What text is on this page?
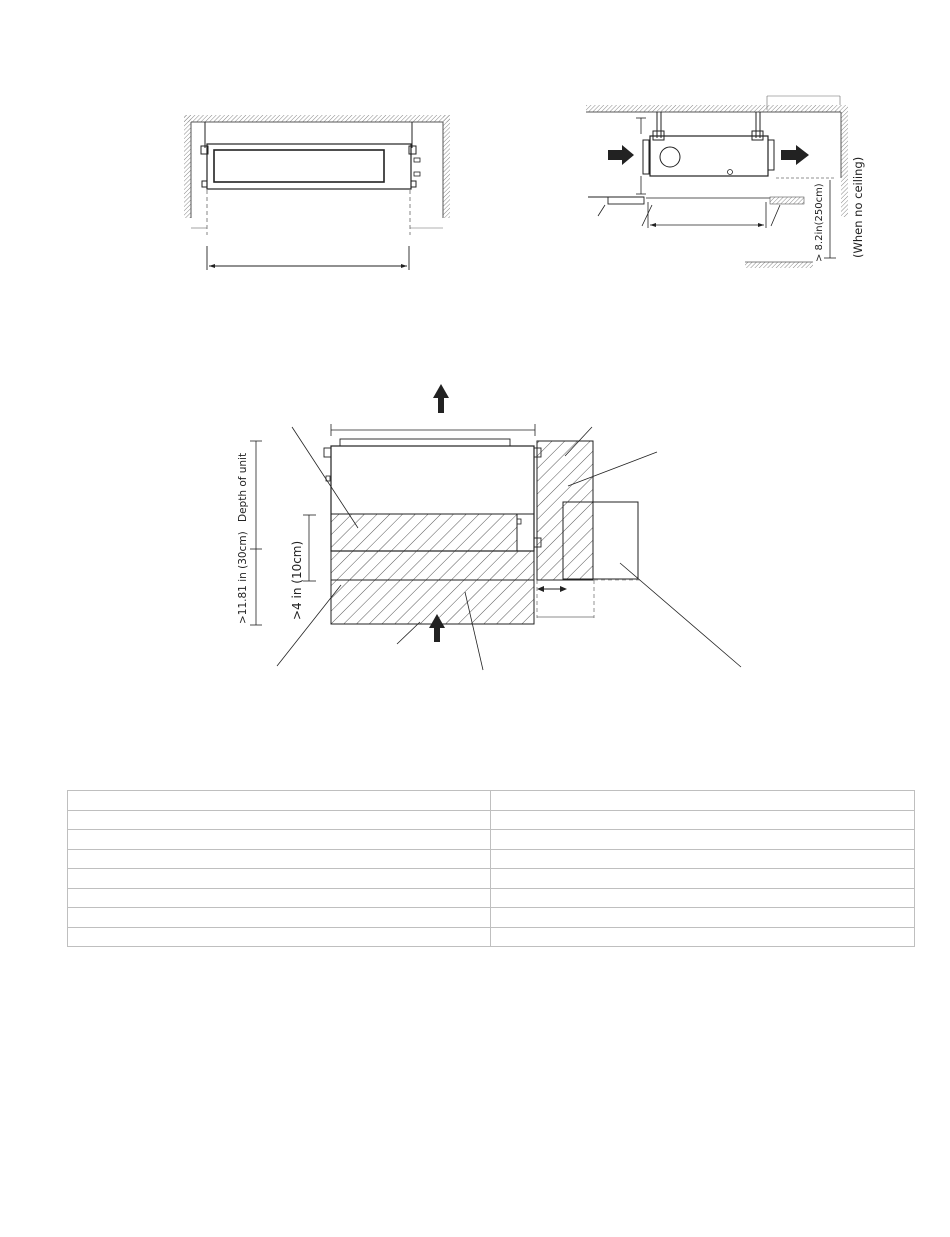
> 8.2in(250cm) (When no ceiling)
Depth of unit
>11.81 in (30cm)	>4 in (10cm)
